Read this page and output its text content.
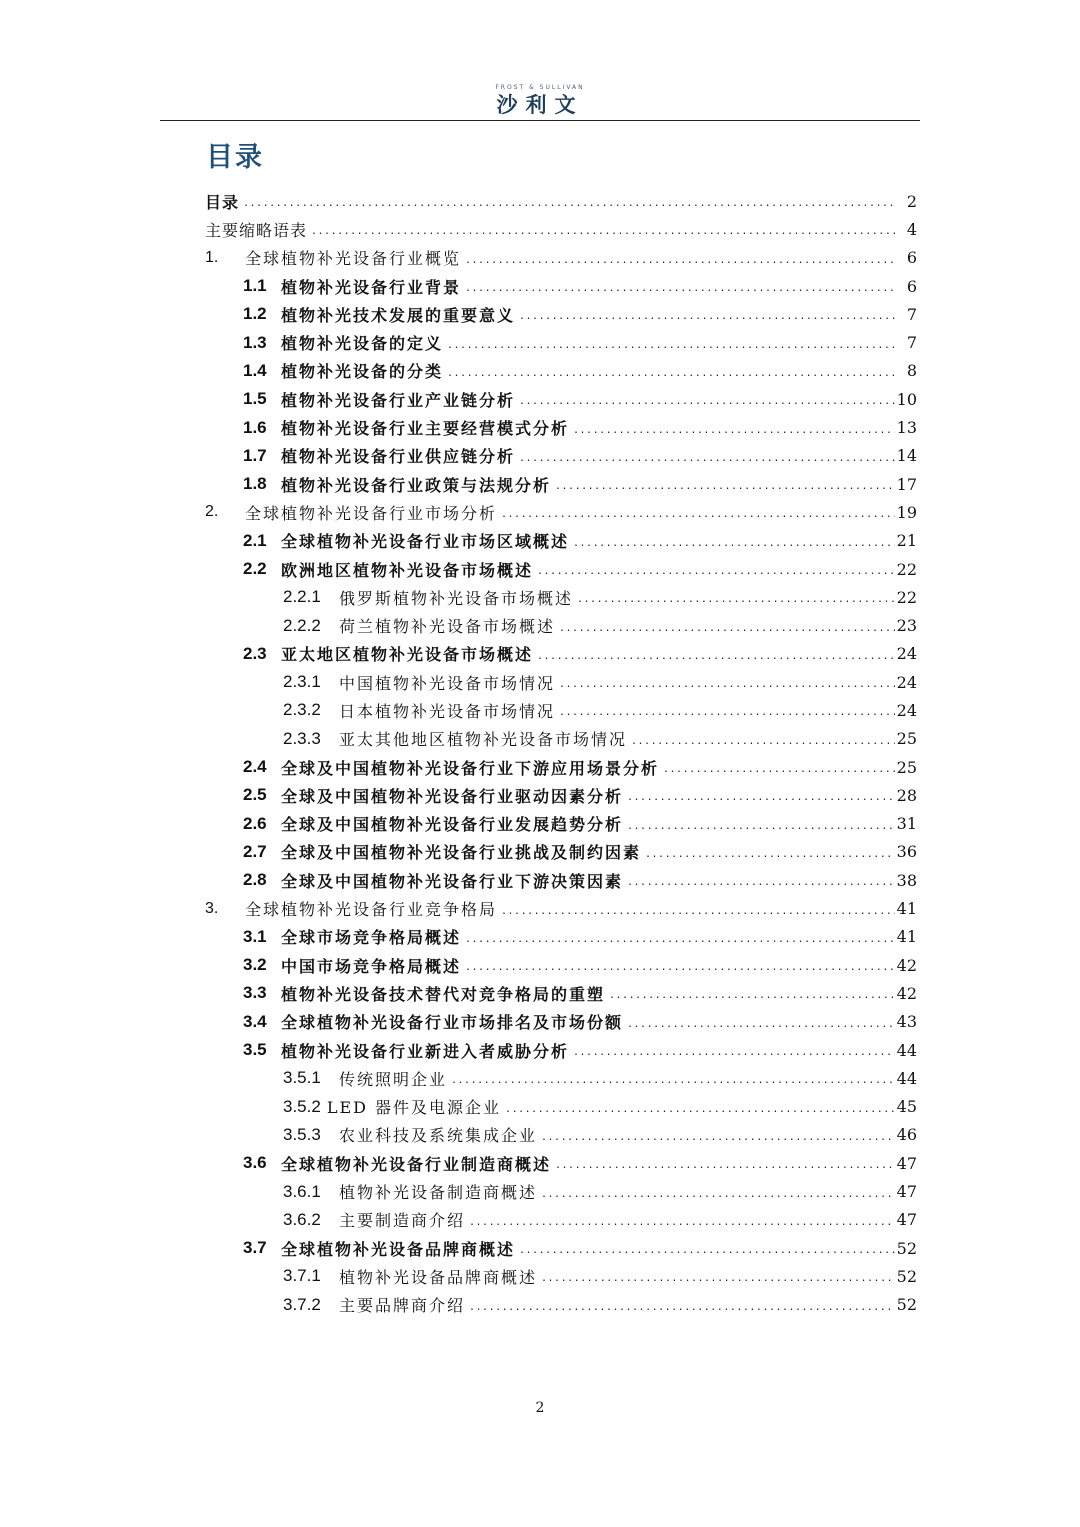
FROST & SULLIVAN
沙利文
目录
目录 .....	2
主要缩略语表 .....	4
1.	全球植物补光设备行业概览 .....	6
1.1 植物补光设备行业背景 .....	6
1.2 植物补光技术发展的重要意义 .....	7
1.3 植物补光设备的定义 .....	7
1.4 植物补光设备的分类 .....	8
1.5 植物补光设备行业产业链分析 .....	10
1.6 植物补光设备行业主要经营模式分析 .....	13
1.7 植物补光设备行业供应链分析 .....	14
1.8 植物补光设备行业政策与法规分析 .....	17
2.	全球植物补光设备行业市场分析 .....	19
2.1 全球植物补光设备行业市场区域概述 .....	21
2.2 欧洲地区植物补光设备市场概述 .....	22
2.2.1	俄罗斯植物补光设备市场概述 .....	22
2.2.2	荷兰植物补光设备市场概述 .....	23
2.3 亚太地区植物补光设备市场概述 .....	24
2.3.1	中国植物补光设备市场情况 .....	24
2.3.2	日本植物补光设备市场情况 .....	24
2.3.3	亚太其他地区植物补光设备市场情况 .....	25
2.4 全球及中国植物补光设备行业下游应用场景分析 .....	25
2.5 全球及中国植物补光设备行业驱动因素分析 .....	28
2.6 全球及中国植物补光设备行业发展趋势分析 .....	31
2.7 全球及中国植物补光设备行业挑战及制约因素 .....	36
2.8 全球及中国植物补光设备行业下游决策因素 .....	38
3.	全球植物补光设备行业竞争格局 .....	41
3.1 全球市场竞争格局概述 .....	41
3.2 中国市场竞争格局概述 .....	42
3.3 植物补光设备技术替代对竞争格局的重塑 .....	42
3.4 全球植物补光设备行业市场排名及市场份额 .....	43
3.5 植物补光设备行业新进入者威胁分析 .....	44
3.5.1	传统照明企业 .....	44
3.5.2 LED 器件及电源企业 .....	45
3.5.3	农业科技及系统集成企业 .....	46
3.6 全球植物补光设备行业制造商概述 .....	47
3.6.1	植物补光设备制造商概述 .....	47
3.6.2	主要制造商介绍 .....	47
3.7 全球植物补光设备品牌商概述 .....	52
3.7.1	植物补光设备品牌商概述 .....	52
3.7.2	主要品牌商介绍 .....	52
2
